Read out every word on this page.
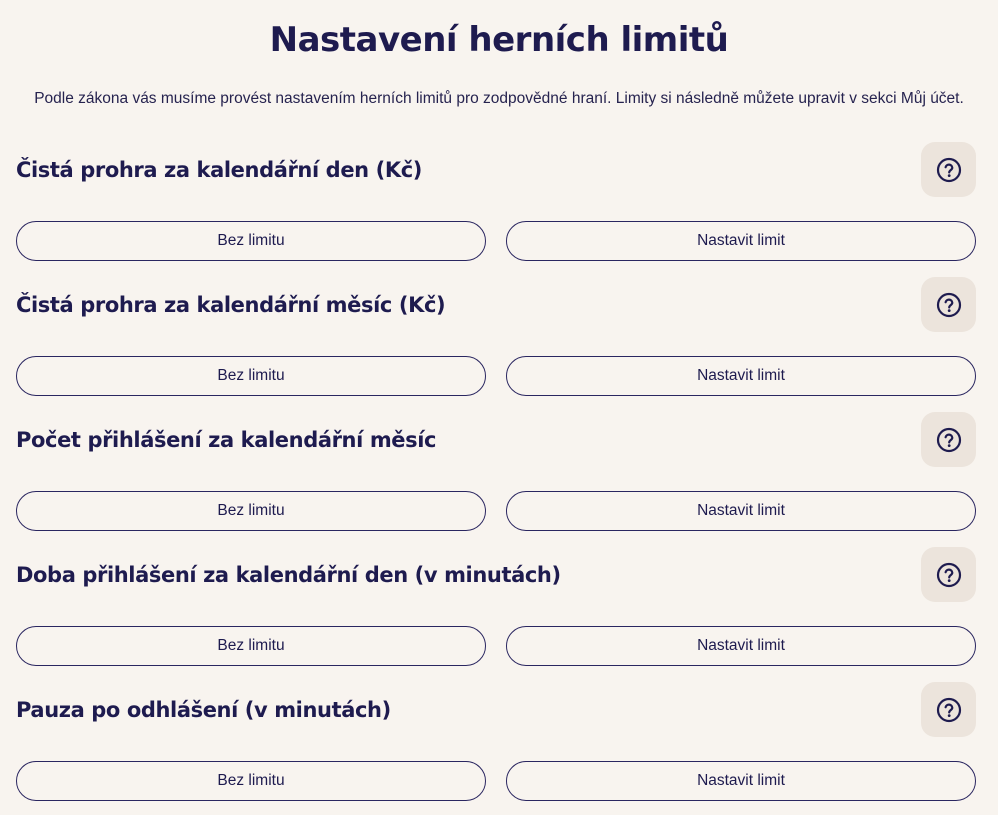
Nastavení herních limitů

Podle zákona vás musíme provést nastavením herních limitů pro zodpovědné hraní. Limity si následně můžete upravit v sekci Můj účet.

Čistá prohra za kalendářní den (Kč)
Bez limitu	Nastavit limit
Čistá prohra za kalendářní měsíc (Kč)
Bez limitu	Nastavit limit
Počet přihlášení za kalendářní měsíc
Bez limitu	Nastavit limit
Doba přihlášení za kalendářní den (v minutách)
Bez limitu	Nastavit limit
Pauza po odhlášení (v minutách)
Bez limitu	Nastavit limit
